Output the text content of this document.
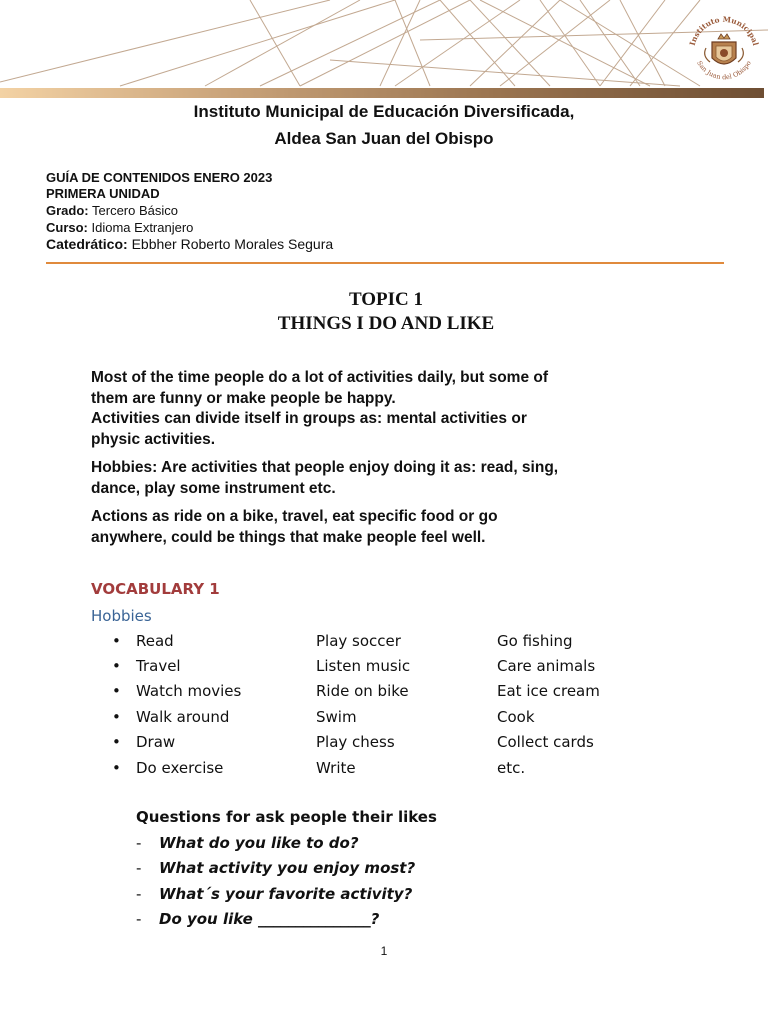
Instituto Municipal
San Juan del Obispo
Instituto Municipal de Educación Diversificada,
Aldea San Juan del Obispo
GUÍA DE CONTENIDOS ENERO 2023
PRIMERA UNIDAD
Grado: Tercero Básico
Curso: Idioma Extranjero
Catedrático: Ebbher Roberto Morales Segura
TOPIC 1
THINGS I DO AND LIKE

Most of the time people do a lot of activities daily, but some of them are funny or make people be happy.

Activities can divide itself in groups as: mental activities or physic activities.

Hobbies: Are activities that people enjoy doing it as: read, sing, dance, play some instrument etc.

Actions as ride on a bike, travel, eat specific food or go anywhere, could be things that make people feel well.

VOCABULARY 1
Hobbies
• Read	Play soccer	Go fishing
• Travel	Listen music	Care animals
• Watch movies	Ride on bike	Eat ice cream
• Walk around	Swim	Cook
• Draw	Play chess	Collect cards
• Do exercise	Write	etc.
Questions for ask people their likes
- What do you like to do?
- What activity you enjoy most?
- What´s your favorite activity?
- Do you like _______________?
1
